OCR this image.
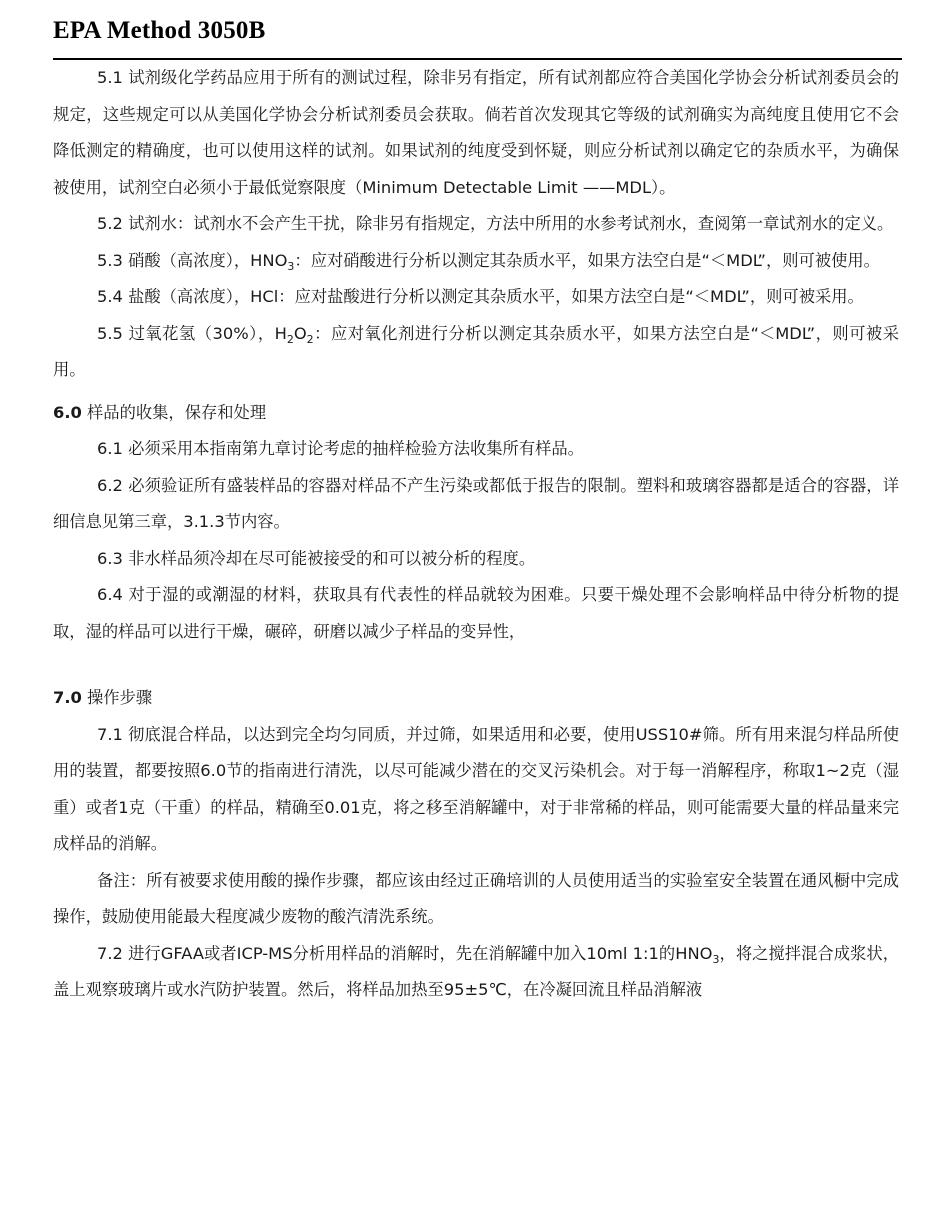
EPA Method 3050B

5.1 试剂级化学药品应用于所有的测试过程，除非另有指定，所有试剂都应符合美国化学协会分析试剂委员会的规定，这些规定可以从美国化学协会分析试剂委员会获取。倘若首次发现其它等级的试剂确实为高纯度且使用它不会降低测定的精确度，也可以使用这样的试剂。如果试剂的纯度受到怀疑，则应分析试剂以确定它的杂质水平，为确保被使用，试剂空白必须小于最低觉察限度（Minimum Detectable Limit ——MDL）。

5.2 试剂水：试剂水不会产生干扰，除非另有指规定，方法中所用的水参考试剂水，查阅第一章试剂水的定义。

5.3 硝酸（高浓度），$HNO_3$：应对硝酸进行分析以测定其杂质水平，如果方法空白是“＜MDL”，则可被使用。

5.4 盐酸（高浓度），HCl：应对盐酸进行分析以测定其杂质水平，如果方法空白是“＜MDL”，则可被采用。

5.5 过氧花氢（30%），$H_2O_2$：应对氧化剂进行分析以测定其杂质水平，如果方法空白是“＜MDL”，则可被采用。

6.0 样品的收集，保存和处理

6.1 必须采用本指南第九章讨论考虑的抽样检验方法收集所有样品。

6.2 必须验证所有盛装样品的容器对样品不产生污染或都低于报告的限制。塑料和玻璃容器都是适合的容器，详细信息见第三章，3.1.3节内容。

6.3 非水样品须冷却在尽可能被接受的和可以被分析的程度。

6.4 对于湿的或潮湿的材料，获取具有代表性的样品就较为困难。只要干燥处理不会影响样品中待分析物的提取，湿的样品可以进行干燥，碾碎，研磨以减少子样品的变异性，

7.0 操作步骤

7.1 彻底混合样品，以达到完全均匀同质，并过筛，如果适用和必要，使用USS10#筛。所有用来混匀样品所使用的装置，都要按照6.0节的指南进行清洗，以尽可能减少潜在的交叉污染机会。对于每一消解程序，称取1~2克（湿重）或者1克（干重）的样品，精确至0.01克，将之移至消解罐中，对于非常稀的样品，则可能需要大量的样品量来完成样品的消解。

备注：所有被要求使用酸的操作步骤，都应该由经过正确培训的人员使用适当的实验室安全装置在通风橱中完成操作，鼓励使用能最大程度减少废物的酸汽清洗系统。

7.2 进行GFAA或者ICP-MS分析用样品的消解时，先在消解罐中加入10ml 1:1的$HNO_3$，将之搅拌混合成浆状，盖上观察玻璃片或水汽防护装置。然后，将样品加热至95±5℃，在冷凝回流且样品消解液
